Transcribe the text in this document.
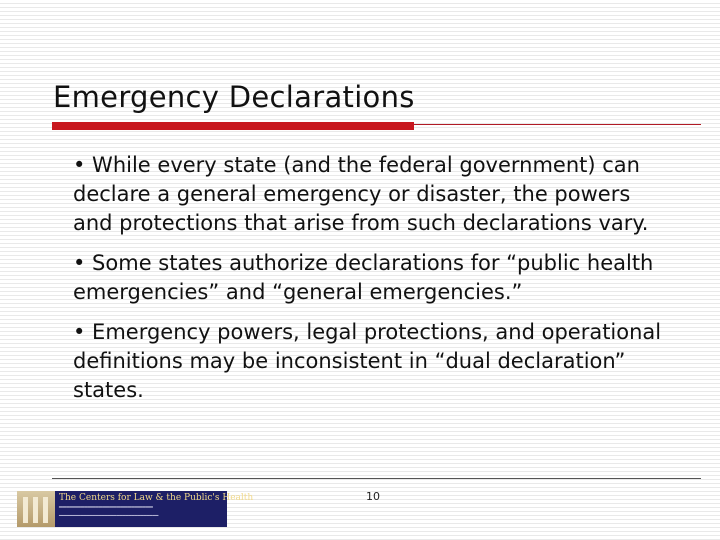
Emergency Declarations

• While every state (and the federal government) can declare a general emergency or disaster, the powers and protections that arise from such declarations vary.

• Some states authorize declarations for “public health emergencies” and “general emergencies.”

• Emergency powers, legal protections, and operational definitions may be inconsistent in “dual declaration” states.

The Centers for Law & the Public's Health
━━━━━━━━━━━━━━━━━━━━━━━━━━
━━━━━━━━━━━━━━━━━━━━━━━━━━━━━━━━━
10
